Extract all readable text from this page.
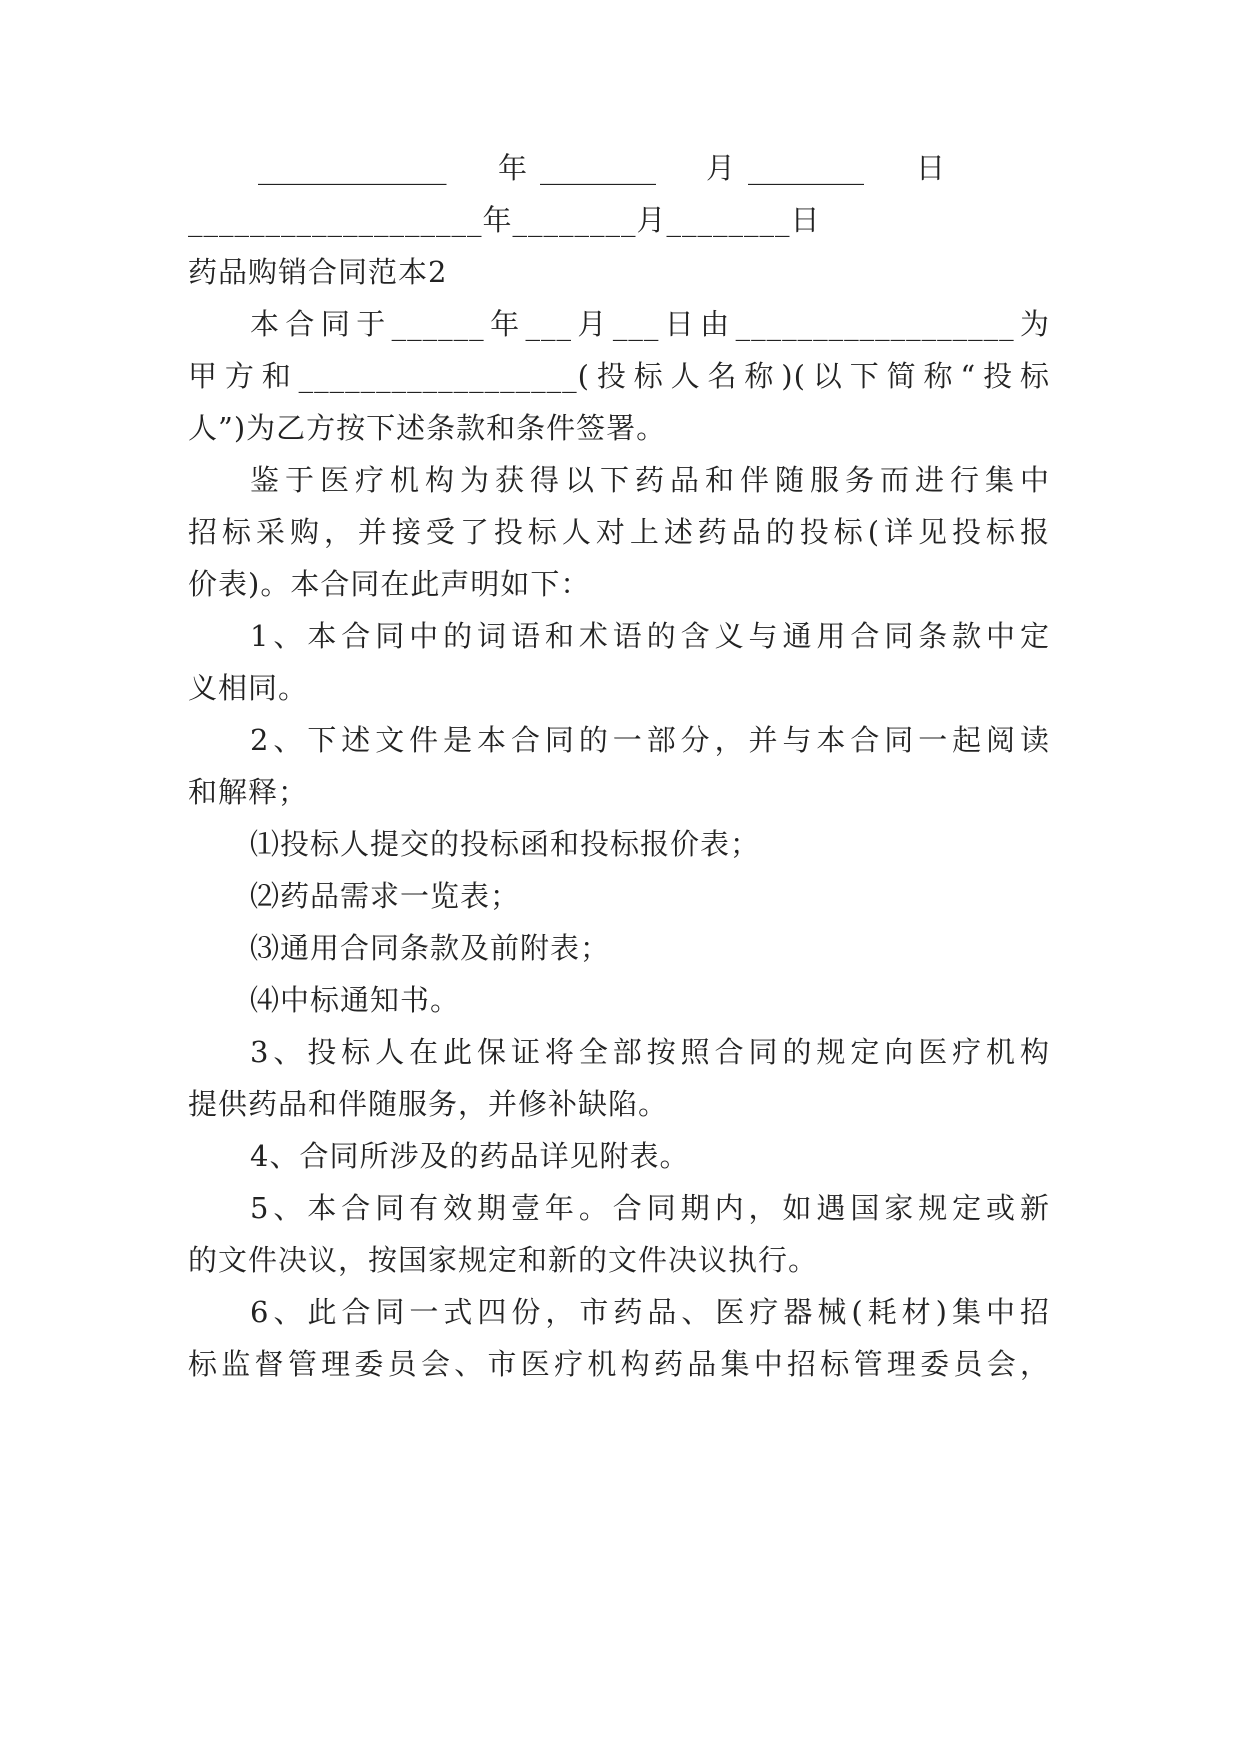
_____________ 年 ________ 月 ________ 日
___________________年________月________日
药品购销合同范本2
本合同于______年___月___日由__________________为
甲方和__________________(投标人名称)(以下简称“投标
人”)为乙方按下述条款和条件签署。
鉴于医疗机构为获得以下药品和伴随服务而进行集中
招标采购，并接受了投标人对上述药品的投标(详见投标报
价表)。本合同在此声明如下：
1、本合同中的词语和术语的含义与通用合同条款中定
义相同。
2、下述文件是本合同的一部分，并与本合同一起阅读
和解释；
⑴投标人提交的投标函和投标报价表；
⑵药品需求一览表；
⑶通用合同条款及前附表；
⑷中标通知书。
3、投标人在此保证将全部按照合同的规定向医疗机构
提供药品和伴随服务，并修补缺陷。
4、合同所涉及的药品详见附表。
5、本合同有效期壹年。合同期内，如遇国家规定或新
的文件决议，按国家规定和新的文件决议执行。
6、此合同一式四份，市药品、医疗器械(耗材)集中招
标监督管理委员会、市医疗机构药品集中招标管理委员会，
